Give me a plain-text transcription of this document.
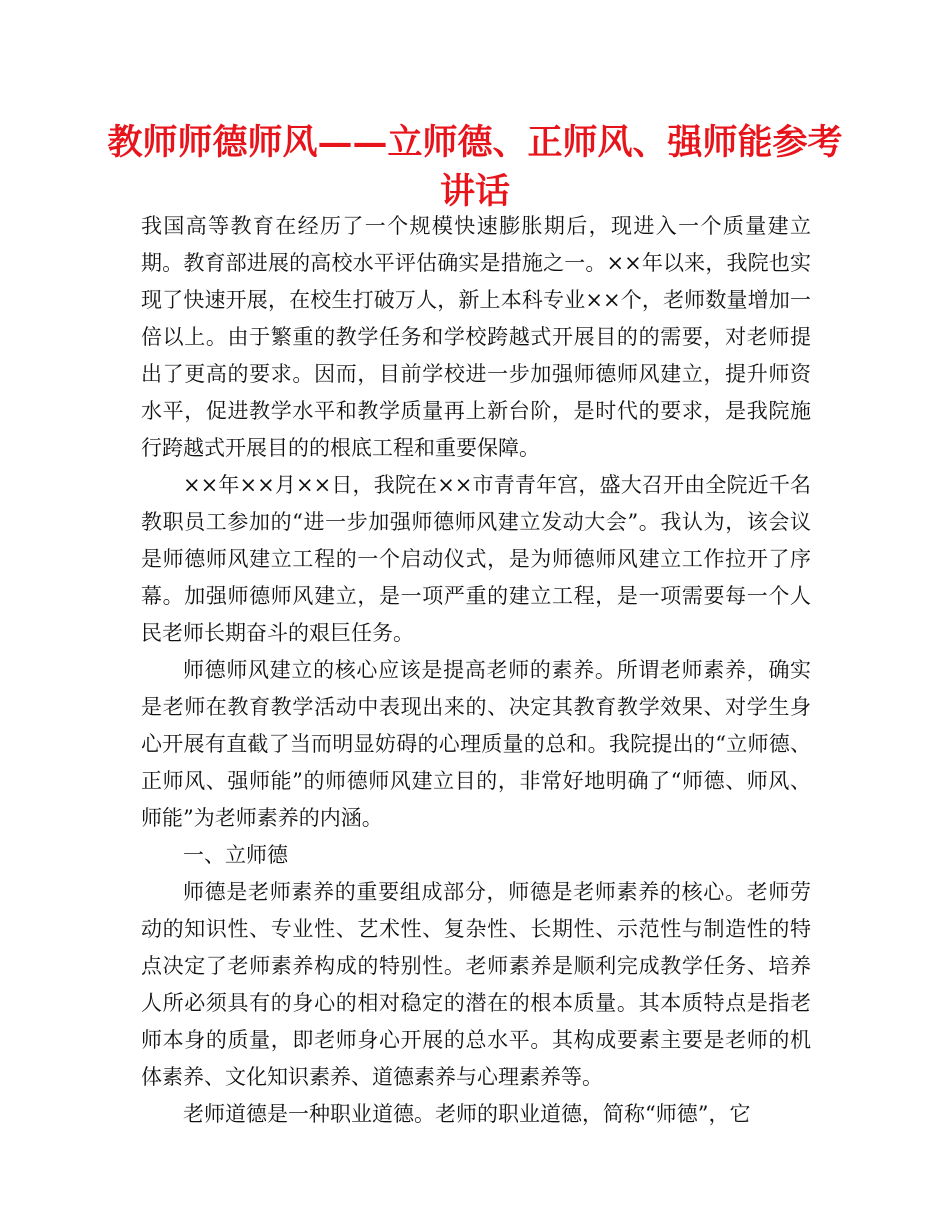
教师师德师风——立师德、正师风、强师能参考讲话

我国高等教育在经历了一个规模快速膨胀期后，现进入一个质量建立期。教育部进展的高校水平评估确实是措施之一。××年以来，我院也实现了快速开展，在校生打破万人，新上本科专业××个，老师数量增加一倍以上。由于繁重的教学任务和学校跨越式开展目的的需要，对老师提出了更高的要求。因而，目前学校进一步加强师德师风建立，提升师资水平，促进教学水平和教学质量再上新台阶，是时代的要求，是我院施行跨越式开展目的的根底工程和重要保障。

××年××月××日，我院在××市青青年宫，盛大召开由全院近千名教职员工参加的“进一步加强师德师风建立发动大会”。我认为，该会议是师德师风建立工程的一个启动仪式，是为师德师风建立工作拉开了序幕。加强师德师风建立，是一项严重的建立工程，是一项需要每一个人民老师长期奋斗的艰巨任务。

师德师风建立的核心应该是提高老师的素养。所谓老师素养，确实是老师在教育教学活动中表现出来的、决定其教育教学效果、对学生身心开展有直截了当而明显妨碍的心理质量的总和。我院提出的“立师德、正师风、强师能”的师德师风建立目的，非常好地明确了“师德、师风、师能”为老师素养的内涵。

一、立师德

师德是老师素养的重要组成部分，师德是老师素养的核心。老师劳动的知识性、专业性、艺术性、复杂性、长期性、示范性与制造性的特点决定了老师素养构成的特别性。老师素养是顺利完成教学任务、培养人所必须具有的身心的相对稳定的潜在的根本质量。其本质特点是指老师本身的质量，即老师身心开展的总水平。其构成要素主要是老师的机体素养、文化知识素养、道德素养与心理素养等。

老师道德是一种职业道德。老师的职业道德，简称“师德”，它
